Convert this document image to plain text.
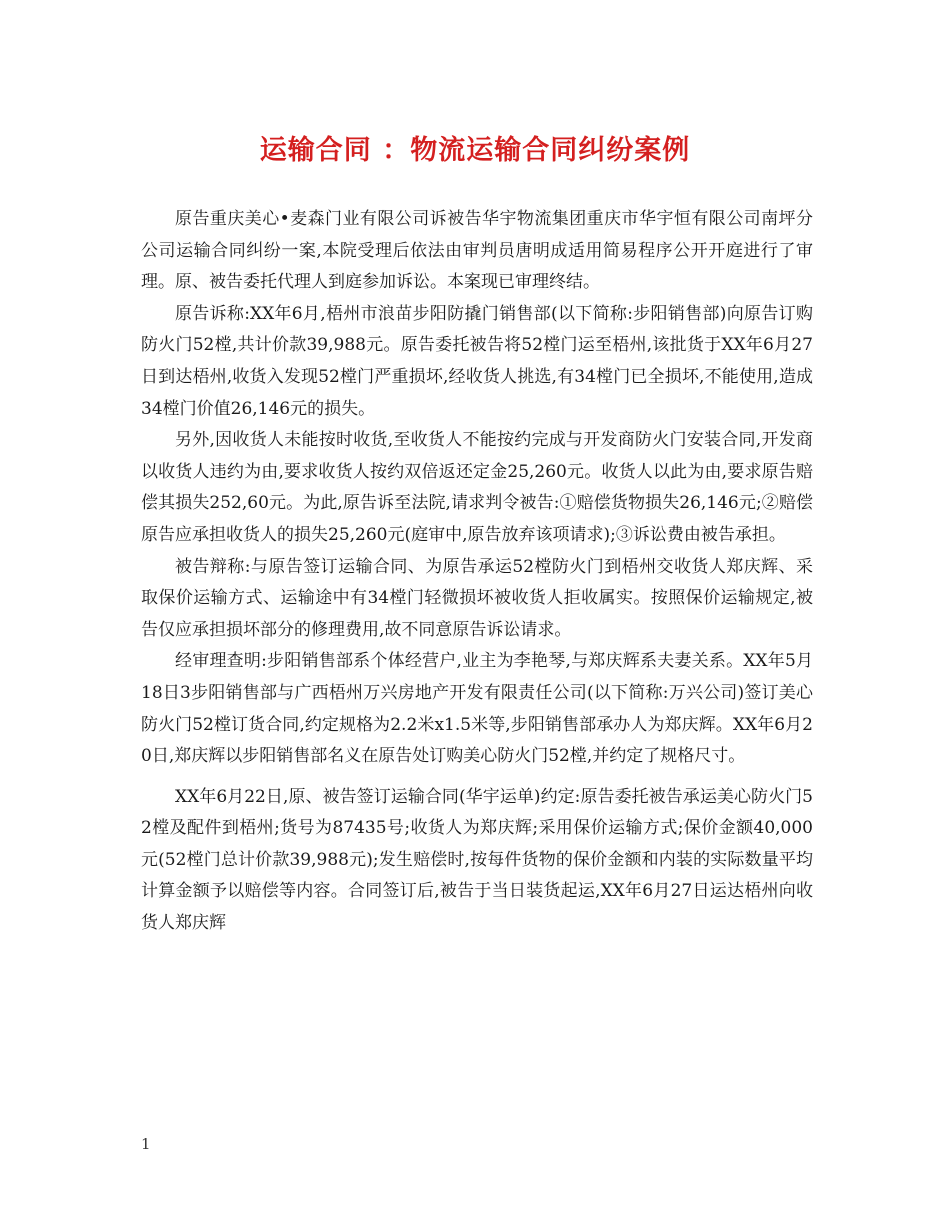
运输合同 ：物流运输合同纠纷案例

原告重庆美心•麦森门业有限公司诉被告华宇物流集团重庆市华宇恒有限公司南坪分公司运输合同纠纷一案,本院受理后依法由审判员唐明成适用简易程序公开开庭进行了审理。原、被告委托代理人到庭参加诉讼。本案现已审理终结。

原告诉称:XX年6月,梧州市浪苗步阳防撬门销售部(以下简称:步阳销售部)向原告订购防火门52樘,共计价款39,988元。原告委托被告将52樘门运至梧州,该批货于XX年6月27日到达梧州,收货入发现52樘门严重损坏,经收货人挑选,有34樘门已全损坏,不能使用,造成34樘门价值26,146元的损失。

另外,因收货人未能按时收货,至收货人不能按约完成与开发商防火门安装合同,开发商以收货人违约为由,要求收货人按约双倍返还定金25,260元。收货人以此为由,要求原告赔偿其损失252,60元。为此,原告诉至法院,请求判令被告:①赔偿货物损失26,146元;②赔偿原告应承担收货人的损失25,260元(庭审中,原告放弃该项请求);③诉讼费由被告承担。

被告辩称:与原告签订运输合同、为原告承运52樘防火门到梧州交收货人郑庆辉、采取保价运输方式、运输途中有34樘门轻微损坏被收货人拒收属实。按照保价运输规定,被告仅应承担损坏部分的修理费用,故不同意原告诉讼请求。

经审理查明:步阳销售部系个体经营户,业主为李艳琴,与郑庆辉系夫妻关系。XX年5月18日3步阳销售部与广西梧州万兴房地产开发有限责任公司(以下简称:万兴公司)签订美心防火门52樘订货合同,约定规格为2.2米x1.5米等,步阳销售部承办人为郑庆辉。XX年6月20日,郑庆辉以步阳销售部名义在原告处订购美心防火门52樘,并约定了规格尺寸。

XX年6月22日,原、被告签订运输合同(华宇运单)约定:原告委托被告承运美心防火门52樘及配件到梧州;货号为87435号;收货人为郑庆辉;采用保价运输方式;保价金额40,000元(52樘门总计价款39,988元);发生赔偿时,按每件货物的保价金额和内装的实际数量平均计算金额予以赔偿等内容。合同签订后,被告于当日装货起运,XX年6月27日运达梧州向收货人郑庆辉

1
